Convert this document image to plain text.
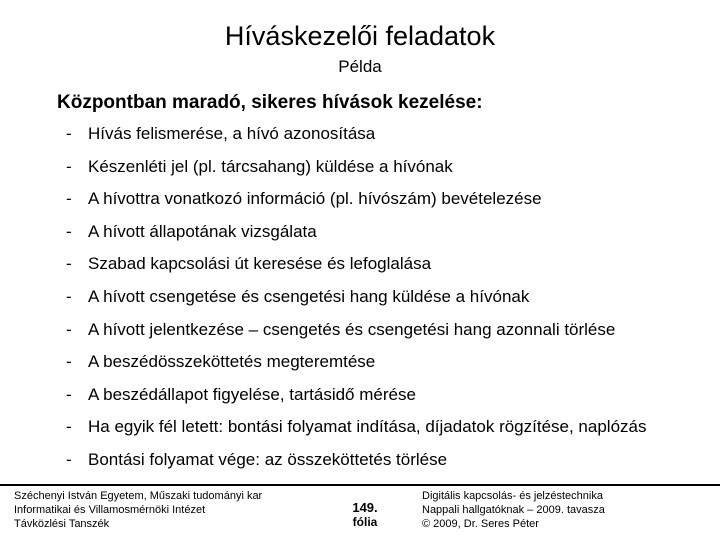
Híváskezelői feladatok
Példa
Központban maradó, sikeres hívások kezelése:
- Hívás felismerése, a hívó azonosítása
- Készenléti jel (pl. tárcsahang) küldése a hívónak
- A hívottra vonatkozó információ (pl. hívószám) bevételezése
- A hívott állapotának vizsgálata
- Szabad kapcsolási út keresése és lefoglalása
- A hívott csengetése és csengetési hang küldése a hívónak
- A hívott jelentkezése – csengetés és csengetési hang azonnali törlése
- A beszédösszeköttetés megteremtése
- A beszédállapot figyelése, tartásidő mérése
- Ha egyik fél letett: bontási folyamat indítása, díjadatok rögzítése, naplózás
- Bontási folyamat vége: az összeköttetés törlése
Széchenyi István Egyetem, Műszaki tudományi kar
Informatikai és Villamosmérnöki Intézet
Távközlési Tanszék
149.
fólia
Digitális kapcsolás- és jelzéstechnika
Nappali hallgatóknak – 2009. tavasza
© 2009, Dr. Seres Péter
